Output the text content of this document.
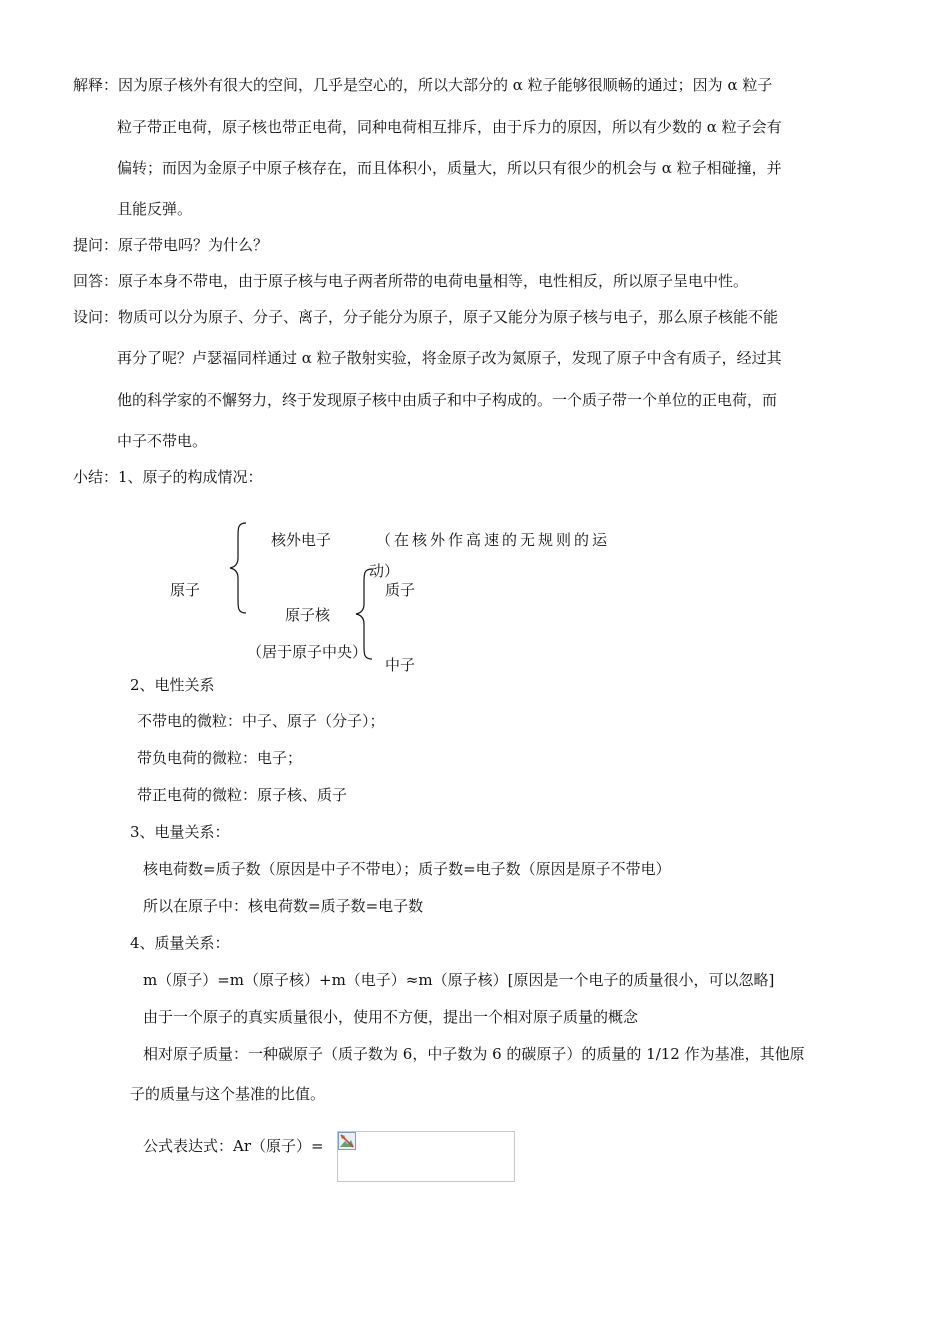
解释：因为原子核外有很大的空间，几乎是空心的，所以大部分的 α 粒子能够很顺畅的通过；因为 α 粒子
粒子带正电荷，原子核也带正电荷，同种电荷相互排斥，由于斥力的原因，所以有少数的 α 粒子会有
偏转；而因为金原子中原子核存在，而且体积小，质量大，所以只有很少的机会与 α 粒子相碰撞，并
且能反弹。
提问：原子带电吗？为什么？
回答：原子本身不带电，由于原子核与电子两者所带的电荷电量相等，电性相反，所以原子呈电中性。
设问：物质可以分为原子、分子、离子，分子能分为原子，原子又能分为原子核与电子，那么原子核能不能
再分了呢？卢瑟福同样通过 α 粒子散射实验，将金原子改为氮原子，发现了原子中含有质子，经过其
他的科学家的不懈努力，终于发现原子核中由质子和中子构成的。一个质子带一个单位的正电荷，而
中子不带电。
小结：1、原子的构成情况：
原子
核外电子	（在核外作高速的无规则的运
动）
原子核
（居于原子中央）
质子
中子
2、电性关系
不带电的微粒：中子、原子（分子）；
带负电荷的微粒：电子；
带正电荷的微粒：原子核、质子
3、电量关系：
核电荷数=质子数（原因是中子不带电）；质子数=电子数（原因是原子不带电）
所以在原子中：核电荷数=质子数=电子数
4、质量关系：
m（原子）=m（原子核）+m（电子）≈m（原子核）[原因是一个电子的质量很小，可以忽略]
由于一个原子的真实质量很小，使用不方便，提出一个相对原子质量的概念
相对原子质量：一种碳原子（质子数为 6，中子数为 6 的碳原子）的质量的 1/12 作为基准，其他原
子的质量与这个基准的比值。
公式表达式：Ar（原子）=
